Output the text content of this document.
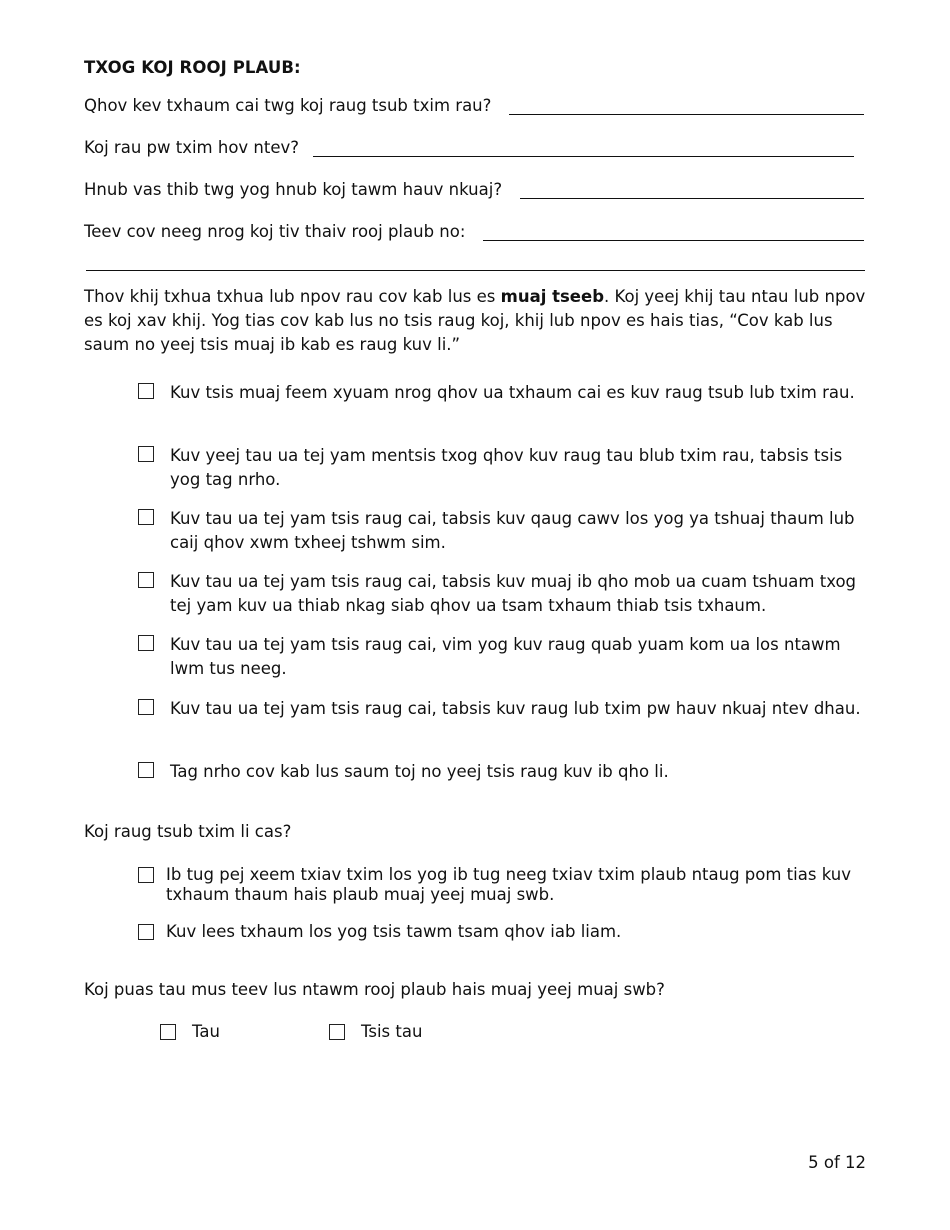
TXOG KOJ ROOJ PLAUB:
Qhov kev txhaum cai twg koj raug tsub txim rau?
Koj rau pw txim hov ntev?
Hnub vas thib twg yog hnub koj tawm hauv nkuaj?
Teev cov neeg nrog koj tiv thaiv rooj plaub no:
Thov khij txhua txhua lub npov rau cov kab lus es muaj tseeb. Koj yeej khij tau ntau lub npov es koj xav khij. Yog tias cov kab lus no tsis raug koj, khij lub npov es hais tias, “Cov kab lus saum no yeej tsis muaj ib kab es raug kuv li.”
Kuv tsis muaj feem xyuam nrog qhov ua txhaum cai es kuv raug tsub lub txim rau.
Kuv yeej tau ua tej yam mentsis txog qhov kuv raug tau blub txim rau, tabsis tsis yog tag nrho.
Kuv tau ua tej yam tsis raug cai, tabsis kuv qaug cawv los yog ya tshuaj thaum lub caij qhov xwm txheej tshwm sim.
Kuv tau ua tej yam tsis raug cai, tabsis kuv muaj ib qho mob ua cuam tshuam txog tej yam kuv ua thiab nkag siab qhov ua tsam txhaum thiab tsis txhaum.
Kuv tau ua tej yam tsis raug cai, vim yog kuv raug quab yuam kom ua los ntawm lwm tus neeg.
Kuv tau ua tej yam tsis raug cai, tabsis kuv raug lub txim pw hauv nkuaj ntev dhau.
Tag nrho cov kab lus saum toj no yeej tsis raug kuv ib qho li.
Koj raug tsub txim li cas?
Ib tug pej xeem txiav txim los yog ib tug neeg txiav txim plaub ntaug pom tias kuv txhaum thaum hais plaub muaj yeej muaj swb.
Kuv lees txhaum los yog tsis tawm tsam qhov iab liam.
Koj puas tau mus teev lus ntawm rooj plaub hais muaj yeej muaj swb?
Tau	Tsis tau
5 of 12
